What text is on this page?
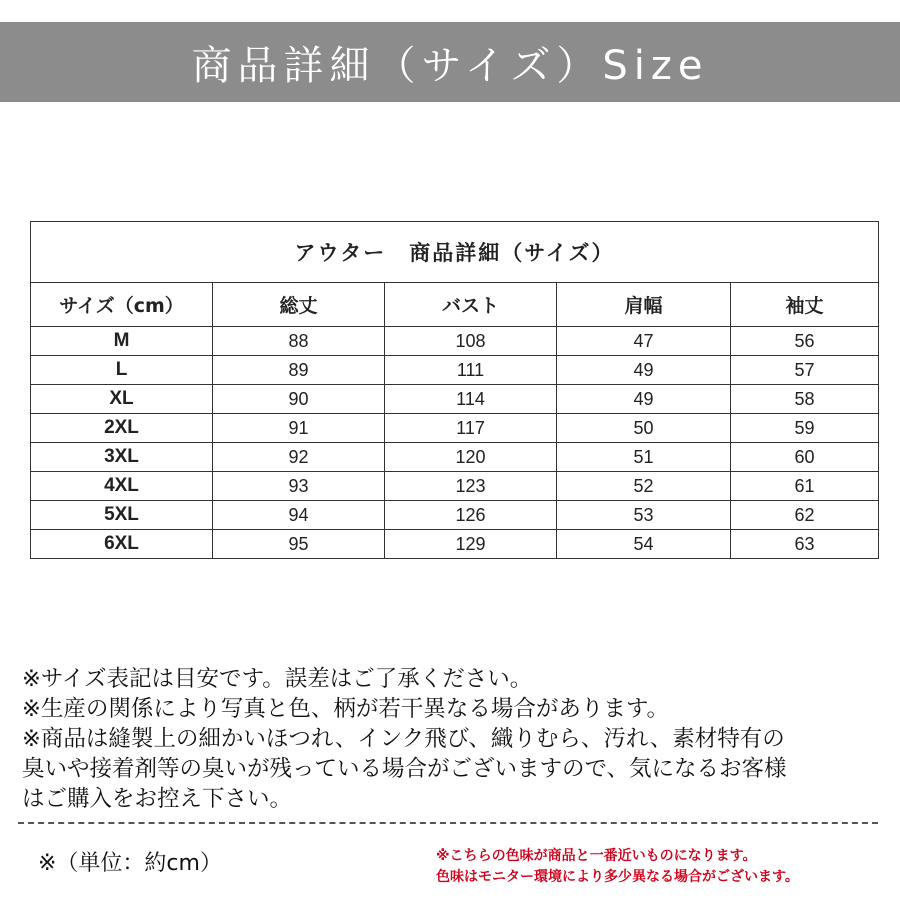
商品詳細（サイズ）Size
アウター　商品詳細（サイズ）				
サイズ（cm）	総丈	バスト	肩幅	袖丈
M	88	108	47	56
L	89	111	49	57
XL	90	114	49	58
2XL	91	117	50	59
3XL	92	120	51	60
4XL	93	123	52	61
5XL	94	126	53	62
6XL	95	129	54	63
※サイズ表記は目安です。誤差はご了承ください。
※生産の関係により写真と色、柄が若干異なる場合があります。
※商品は縫製上の細かいほつれ、インク飛び、織りむら、汚れ、素材特有の
臭いや接着剤等の臭いが残っている場合がございますので、気になるお客様
はご購入をお控え下さい。
※（単位：約cm）	※こちらの色味が商品と一番近いものになります。
色味はモニター環境により多少異なる場合がございます。
